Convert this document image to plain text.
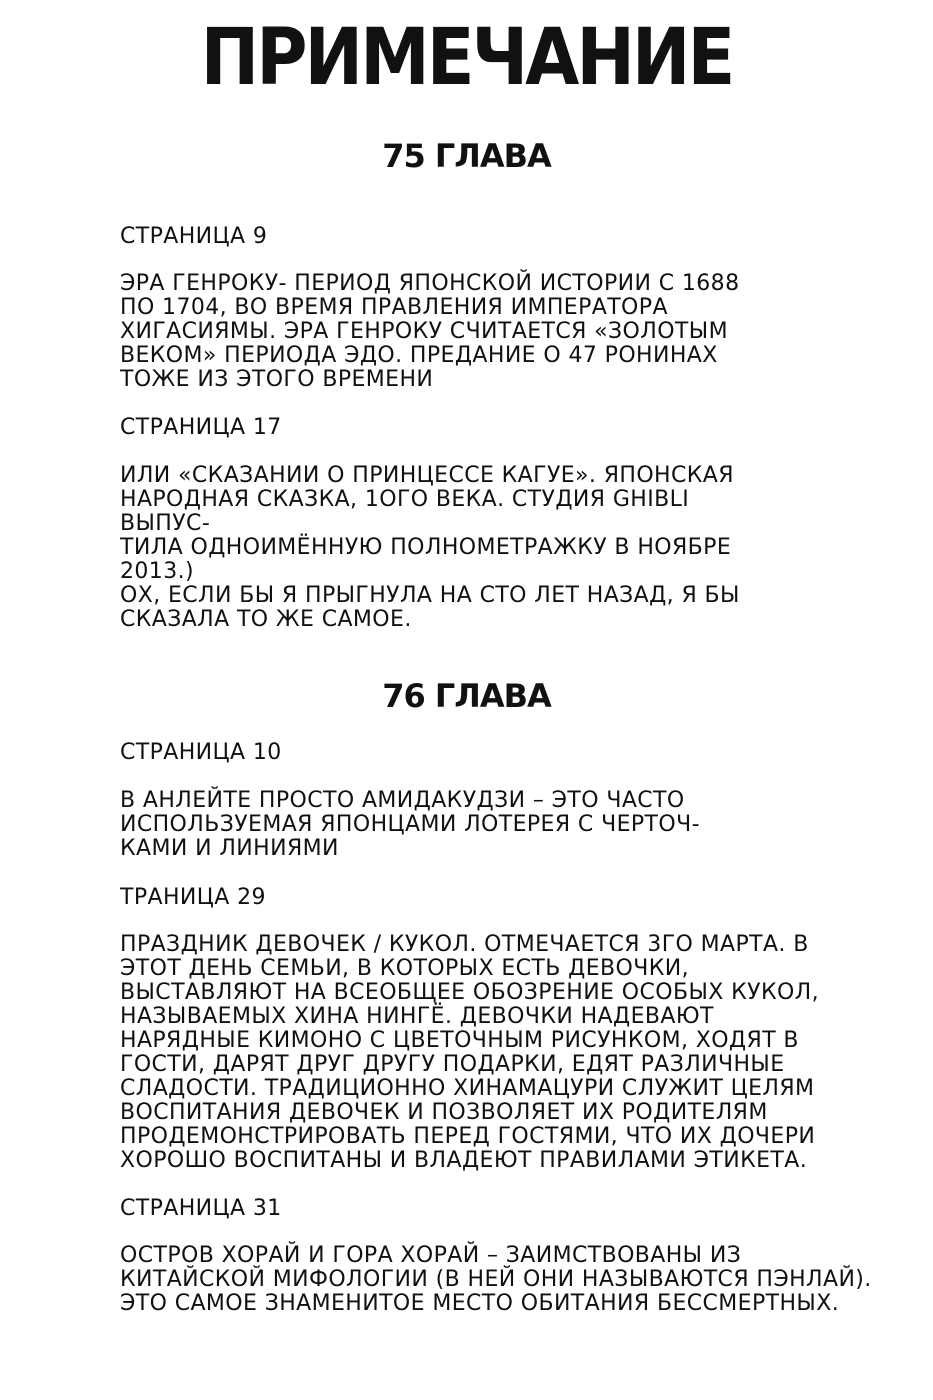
ПРИМЕЧАНИЕ
75 ГЛАВА
СТРАНИЦА 9
ЭРА ГЕНРОКУ- ПЕРИОД ЯПОНСКОЙ ИСТОРИИ С 1688
ПО 1704, ВО ВРЕМЯ ПРАВЛЕНИЯ ИМПЕРАТОРА
ХИГАСИЯМЫ. ЭРА ГЕНРОКУ СЧИТАЕТСЯ «ЗОЛОТЫМ
ВЕКОМ» ПЕРИОДА ЭДО. ПРЕДАНИЕ О 47 РОНИНАХ
ТОЖЕ ИЗ ЭТОГО ВРЕМЕНИ
СТРАНИЦА 17
ИЛИ «СКАЗАНИИ О ПРИНЦЕССЕ КАГУЕ». ЯПОНСКАЯ
НАРОДНАЯ СКАЗКА, 1ОГО ВЕКА. СТУДИЯ GHIBLI
ВЫПУС-
ТИЛА ОДНОИМЁННУЮ ПОЛНОМЕТРАЖКУ В НОЯБРЕ
2013.)
ОХ, ЕСЛИ БЫ Я ПРЫГНУЛА НА СТО ЛЕТ НАЗАД, Я БЫ
СКАЗАЛА ТО ЖЕ САМОЕ.
76 ГЛАВА
СТРАНИЦА 10
В АНЛЕЙТЕ ПРОСТО АМИДАКУДЗИ – ЭТО ЧАСТО
ИСПОЛЬЗУЕМАЯ ЯПОНЦАМИ ЛОТЕРЕЯ С ЧЕРТОЧ-
КАМИ И ЛИНИЯМИ
ТРАНИЦА 29
ПРАЗДНИК ДЕВОЧЕК / КУКОЛ. ОТМЕЧАЕТСЯ 3ГО МАРТА. В
ЭТОТ ДЕНЬ СЕМЬИ, В КОТОРЫХ ЕСТЬ ДЕВОЧКИ,
ВЫСТАВЛЯЮТ НА ВСЕОБЩЕЕ ОБОЗРЕНИЕ ОСОБЫХ КУКОЛ,
НАЗЫВАЕМЫХ ХИНА НИНГЁ. ДЕВОЧКИ НАДЕВАЮТ
НАРЯДНЫЕ КИМОНО С ЦВЕТОЧНЫМ РИСУНКОМ, ХОДЯТ В
ГОСТИ, ДАРЯТ ДРУГ ДРУГУ ПОДАРКИ, ЕДЯТ РАЗЛИЧНЫЕ
СЛАДОСТИ. ТРАДИЦИОННО ХИНАМАЦУРИ СЛУЖИТ ЦЕЛЯМ
ВОСПИТАНИЯ ДЕВОЧЕК И ПОЗВОЛЯЕТ ИХ РОДИТЕЛЯМ
ПРОДЕМОНСТРИРОВАТЬ ПЕРЕД ГОСТЯМИ, ЧТО ИХ ДОЧЕРИ
ХОРОШО ВОСПИТАНЫ И ВЛАДЕЮТ ПРАВИЛАМИ ЭТИКЕТА.
СТРАНИЦА 31
ОСТРОВ ХОРАЙ И ГОРА ХОРАЙ – ЗАИМСТВОВАНЫ ИЗ
КИТАЙСКОЙ МИФОЛОГИИ (В НЕЙ ОНИ НАЗЫВАЮТСЯ ПЭНЛАЙ).
ЭТО САМОЕ ЗНАМЕНИТОЕ МЕСТО ОБИТАНИЯ БЕССМЕРТНЫХ.
